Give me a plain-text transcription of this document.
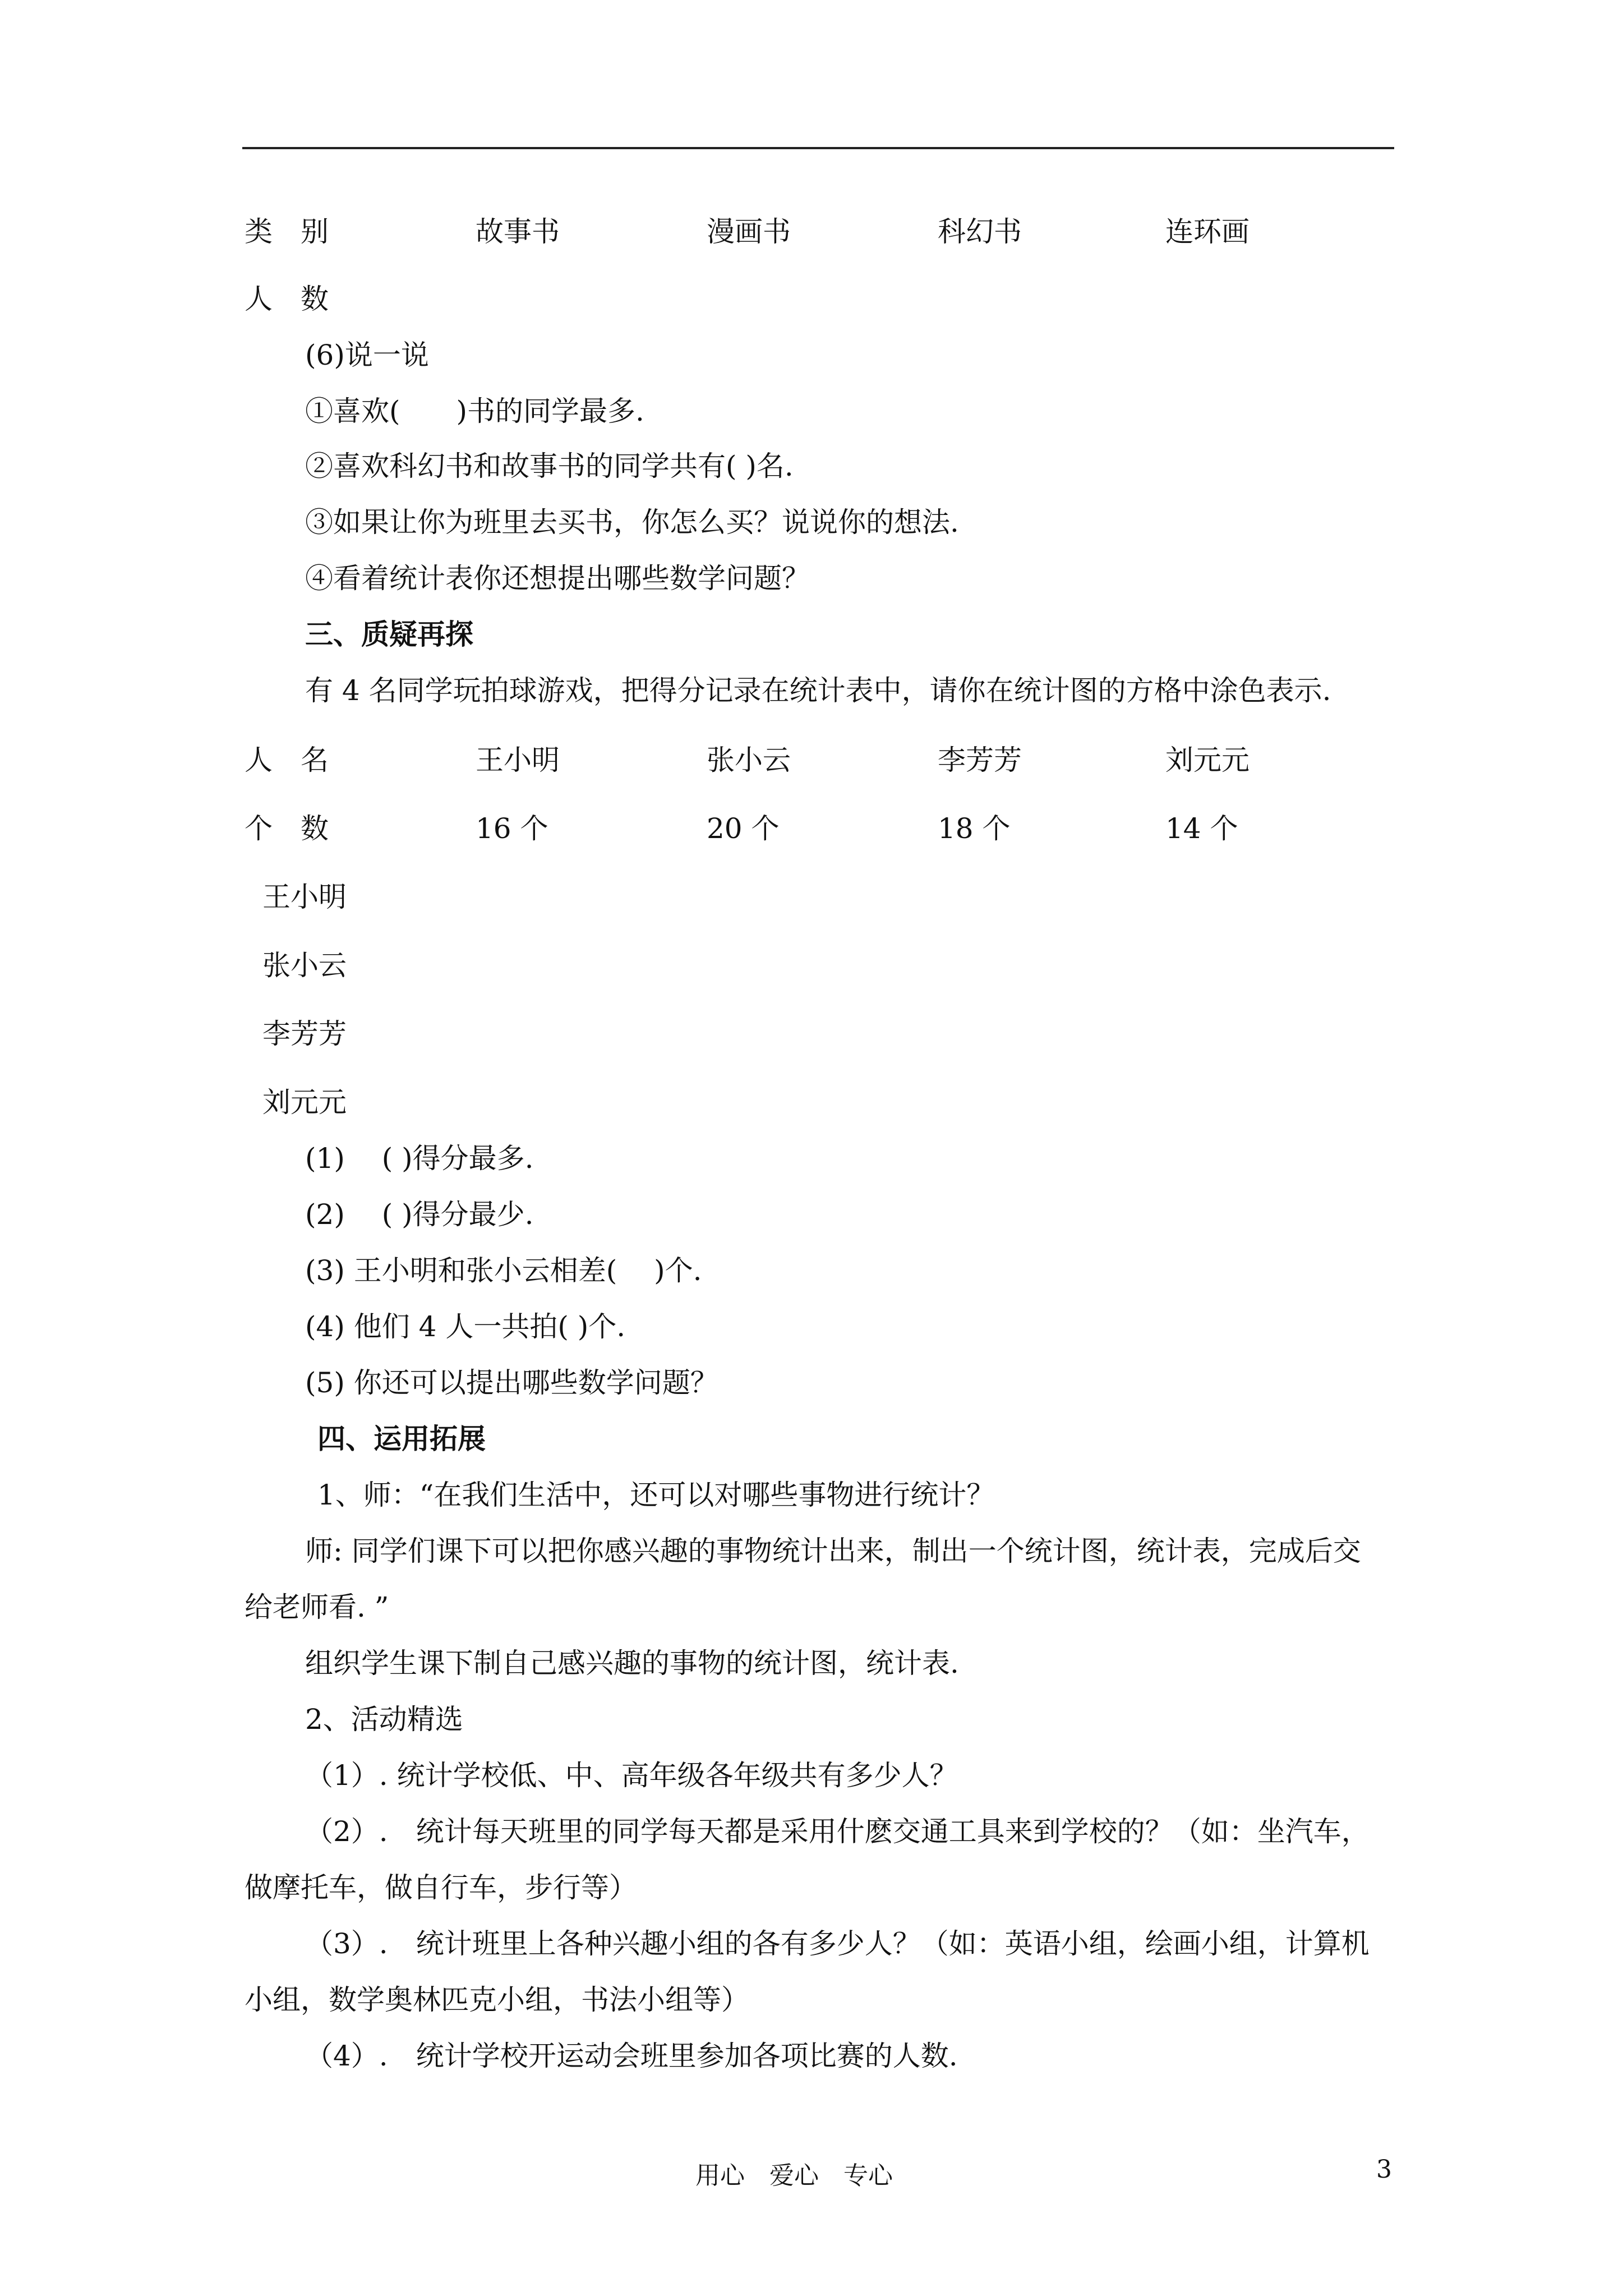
类　别	故事书	漫画书	科幻书	连环画
人　数
(6)说一说
①喜欢(　　)书的同学最多.
②喜欢科幻书和故事书的同学共有( )名.
③如果让你为班里去买书，你怎么买？说说你的想法.
④看着统计表你还想提出哪些数学问题？
三、质疑再探
有 4 名同学玩拍球游戏，把得分记录在统计表中，请你在统计图的方格中涂色表示.
人　名	王小明	张小云	李芳芳	刘元元
个　数	16 个	20 个	18 个	14 个
王小明
张小云
李芳芳
刘元元
(1)　 ( )得分最多.
(2)　 ( )得分最少.
(3) 王小明和张小云相差(　 )个.
(4) 他们 4 人一共拍( )个.
(5) 你还可以提出哪些数学问题？
四、运用拓展
1、师：“在我们生活中，还可以对哪些事物进行统计？
师: 同学们课下可以把你感兴趣的事物统计出来，制出一个统计图，统计表，完成后交
给老师看. ”
组织学生课下制自己感兴趣的事物的统计图，统计表.
2、活动精选
（1）. 统计学校低、中、高年级各年级共有多少人？
（2）.　统计每天班里的同学每天都是采用什麽交通工具来到学校的？（如：坐汽车，
做摩托车，做自行车，步行等）
（3）.　统计班里上各种兴趣小组的各有多少人？（如：英语小组，绘画小组，计算机
小组，数学奥林匹克小组，书法小组等）
（4）.　统计学校开运动会班里参加各项比赛的人数.
用心　爱心　专心	3
